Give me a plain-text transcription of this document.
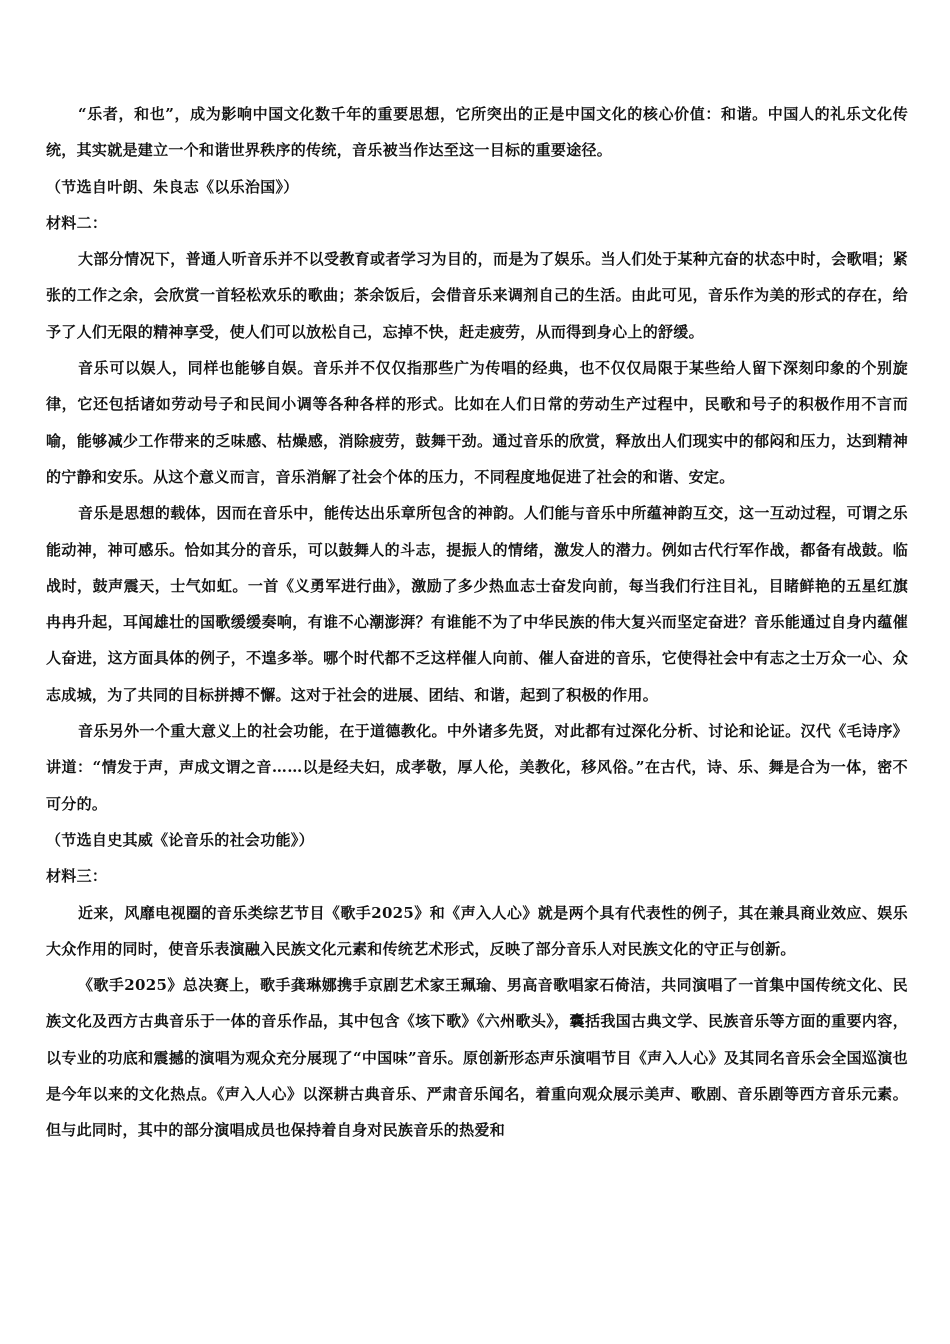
“乐者，和也”，成为影响中国文化数千年的重要思想，它所突出的正是中国文化的核心价值：和谐。中国人的礼乐文化传统，其实就是建立一个和谐世界秩序的传统，音乐被当作达至这一目标的重要途径。

（节选自叶朗、朱良志《以乐治国》）

材料二：

大部分情况下，普通人听音乐并不以受教育或者学习为目的，而是为了娱乐。当人们处于某种亢奋的状态中时，会歌唱；紧张的工作之余，会欣赏一首轻松欢乐的歌曲；茶余饭后，会借音乐来调剂自己的生活。由此可见，音乐作为美的形式的存在，给予了人们无限的精神享受，使人们可以放松自己，忘掉不快，赶走疲劳，从而得到身心上的舒缓。

音乐可以娱人，同样也能够自娱。音乐并不仅仅指那些广为传唱的经典，也不仅仅局限于某些给人留下深刻印象的个别旋律，它还包括诸如劳动号子和民间小调等各种各样的形式。比如在人们日常的劳动生产过程中，民歌和号子的积极作用不言而喻，能够减少工作带来的乏味感、枯燥感，消除疲劳，鼓舞干劲。通过音乐的欣赏，释放出人们现实中的郁闷和压力，达到精神的宁静和安乐。从这个意义而言，音乐消解了社会个体的压力，不同程度地促进了社会的和谐、安定。

音乐是思想的载体，因而在音乐中，能传达出乐章所包含的神韵。人们能与音乐中所蕴神韵互交，这一互动过程，可谓之乐能动神，神可感乐。恰如其分的音乐，可以鼓舞人的斗志，提振人的情绪，激发人的潜力。例如古代行军作战，都备有战鼓。临战时，鼓声震天，士气如虹。一首《义勇军进行曲》，激励了多少热血志士奋发向前，每当我们行注目礼，目睹鲜艳的五星红旗冉冉升起，耳闻雄壮的国歌缓缓奏响，有谁不心潮澎湃？有谁能不为了中华民族的伟大复兴而坚定奋进？音乐能通过自身内蕴催人奋进，这方面具体的例子，不遑多举。哪个时代都不乏这样催人向前、催人奋进的音乐，它使得社会中有志之士万众一心、众志成城，为了共同的目标拼搏不懈。这对于社会的进展、团结、和谐，起到了积极的作用。

音乐另外一个重大意义上的社会功能，在于道德教化。中外诸多先贤，对此都有过深化分析、讨论和论证。汉代《毛诗序》讲道：“情发于声，声成文谓之音……以是经夫妇，成孝敬，厚人伦，美教化，移风俗。”在古代，诗、乐、舞是合为一体，密不可分的。

（节选自史其威《论音乐的社会功能》）

材料三：

近来，风靡电视圈的音乐类综艺节目《歌手2025》和《声入人心》就是两个具有代表性的例子，其在兼具商业效应、娱乐大众作用的同时，使音乐表演融入民族文化元素和传统艺术形式，反映了部分音乐人对民族文化的守正与创新。

《歌手2025》总决赛上，歌手龚琳娜携手京剧艺术家王珮瑜、男高音歌唱家石倚洁，共同演唱了一首集中国传统文化、民族文化及西方古典音乐于一体的音乐作品，其中包含《垓下歌》《六州歌头》，囊括我国古典文学、民族音乐等方面的重要内容，以专业的功底和震撼的演唱为观众充分展现了“中国味”音乐。原创新形态声乐演唱节目《声入人心》及其同名音乐会全国巡演也是今年以来的文化热点。《声入人心》以深耕古典音乐、严肃音乐闻名，着重向观众展示美声、歌剧、音乐剧等西方音乐元素。但与此同时，其中的部分演唱成员也保持着自身对民族音乐的热爱和
